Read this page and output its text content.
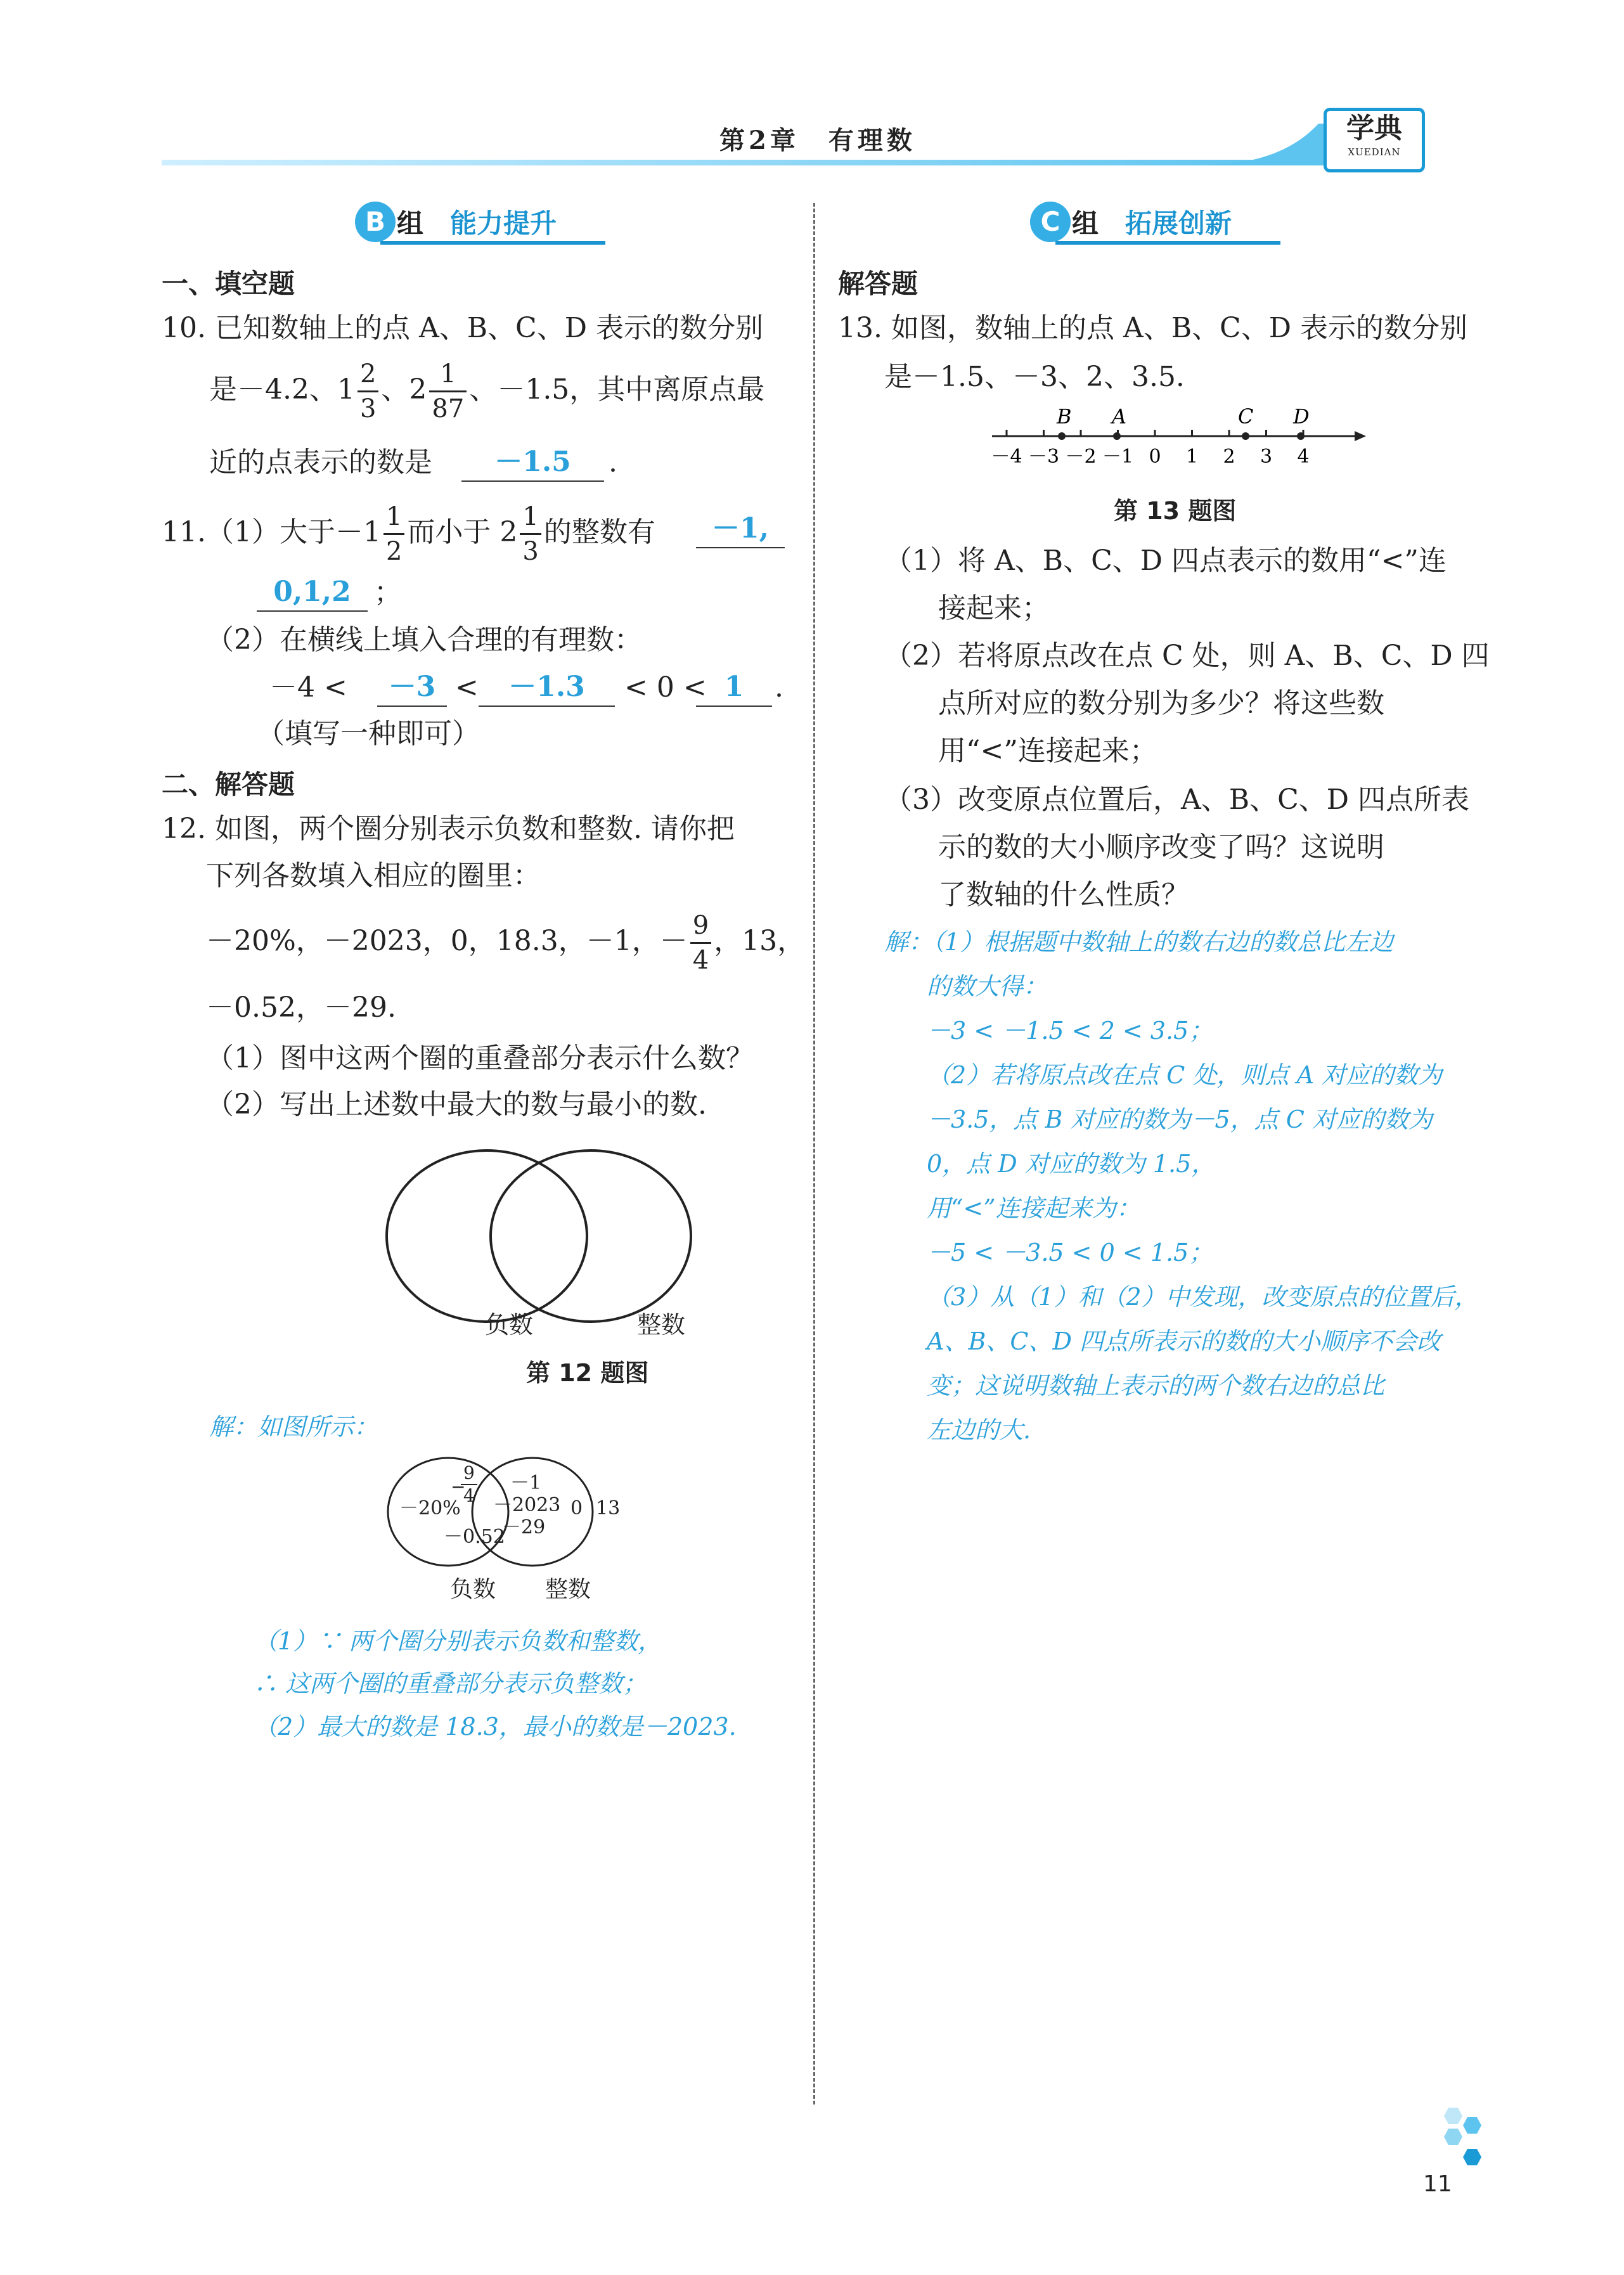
第2章　有理数	学典
XUEDIAN
B 组 能力提升
一、填空题
10. 已知数轴上的点 A、B、C、D 表示的数分别
是－4.2、$1 \frac{2}{3}$ 、$2 \frac{1}{87}$ 、－1.5，其中离原点最
近的点表示的数是	－1.5	.
11.（1）大于$-1 \frac{1}{2}$ 而小于 $2 \frac{1}{3}$ 的整数有	－1,
0,1,2 ；
（2）在横线上填入合理的有理数：
－4 <	－3 <	－1.3	< 0 < 1	.
（填写一种即可）
二、解答题
12. 如图，两个圈分别表示负数和整数. 请你把
下列各数填入相应的圈里：
－20%，－2023，0，18.3，－1，－ $\frac{9}{4}$ ，13，
－0.52，－29.
（1）图中这两个圈的重叠部分表示什么数？
（2）写出上述数中最大的数与最小的数.
负数	整数
第 12 题图
解：如图所示：
－20%
−
9
4
－0.52
－1
－2023
－29
0 13
负数 整数
（1）∵ 两个圈分别表示负数和整数，
∴ 这两个圈的重叠部分表示负整数；
（2）最大的数是 18.3，最小的数是－2023.
C 组 拓展创新
解答题
13. 如图，数轴上的点 A、B、C、D 表示的数分别
是－1.5、－3、2、3.5.
－4 －3 －2 －1 0 1 2 3 4
B A	C D
第 13 题图
（1）将 A、B、C、D 四点表示的数用“<”连
接起来；
（2）若将原点改在点 C 处，则 A、B、C、D 四
点所对应的数分别为多少？将这些数
用“<”连接起来；
（3）改变原点位置后，A、B、C、D 四点所表
示的数的大小顺序改变了吗？这说明
了数轴的什么性质？
解：（1）根据题中数轴上的数右边的数总比左边
的数大得：
－3 < －1.5 < 2 < 3.5；
（2）若将原点改在点 C 处，则点 A 对应的数为
－3.5，点 B 对应的数为－5，点 C 对应的数为
0，点 D 对应的数为 1.5，
用“<”连接起来为：
－5 < －3.5 < 0 < 1.5；
（3）从（1）和（2）中发现，改变原点的位置后，
A、B、C、D 四点所表示的数的大小顺序不会改
变；这说明数轴上表示的两个数右边的总比
左边的大.
11
